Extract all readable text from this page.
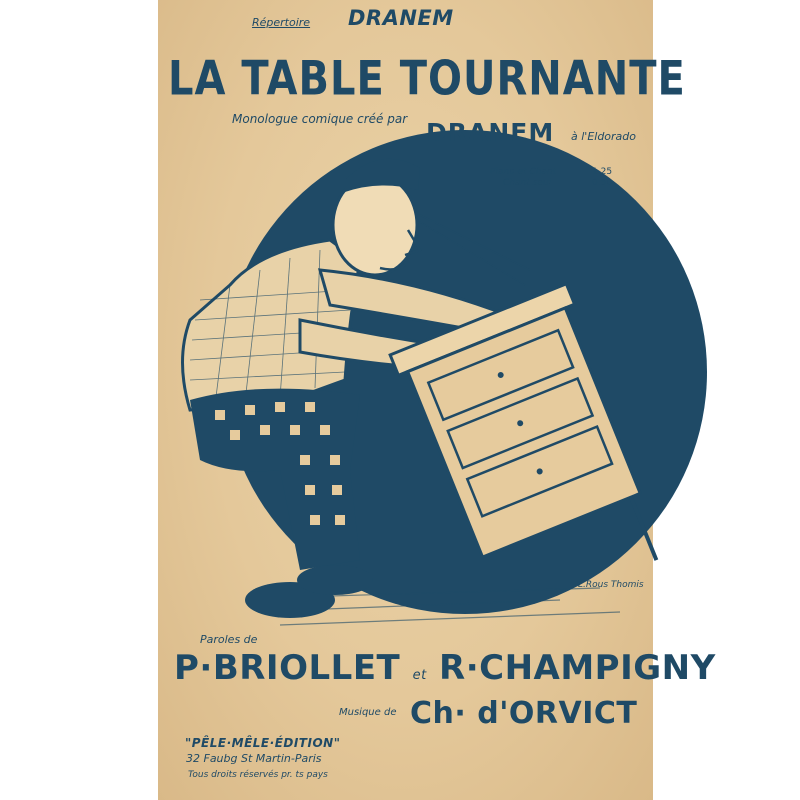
Répertoire DRANEM
LA TABLE TOURNANTE
Monologue comique créé par DRANEM à l'Eldorado
Piano et Chant	1.25
Chant seul	0.50
L.Rous Thomis
Paroles de
P·BRIOLLET et R·CHAMPIGNY
Musique de Ch· d'ORVICT
"PÊLE·MÊLE·ÉDITION"
32 Faubg St Martin-Paris
Tous droits réservés pr. ts pays
